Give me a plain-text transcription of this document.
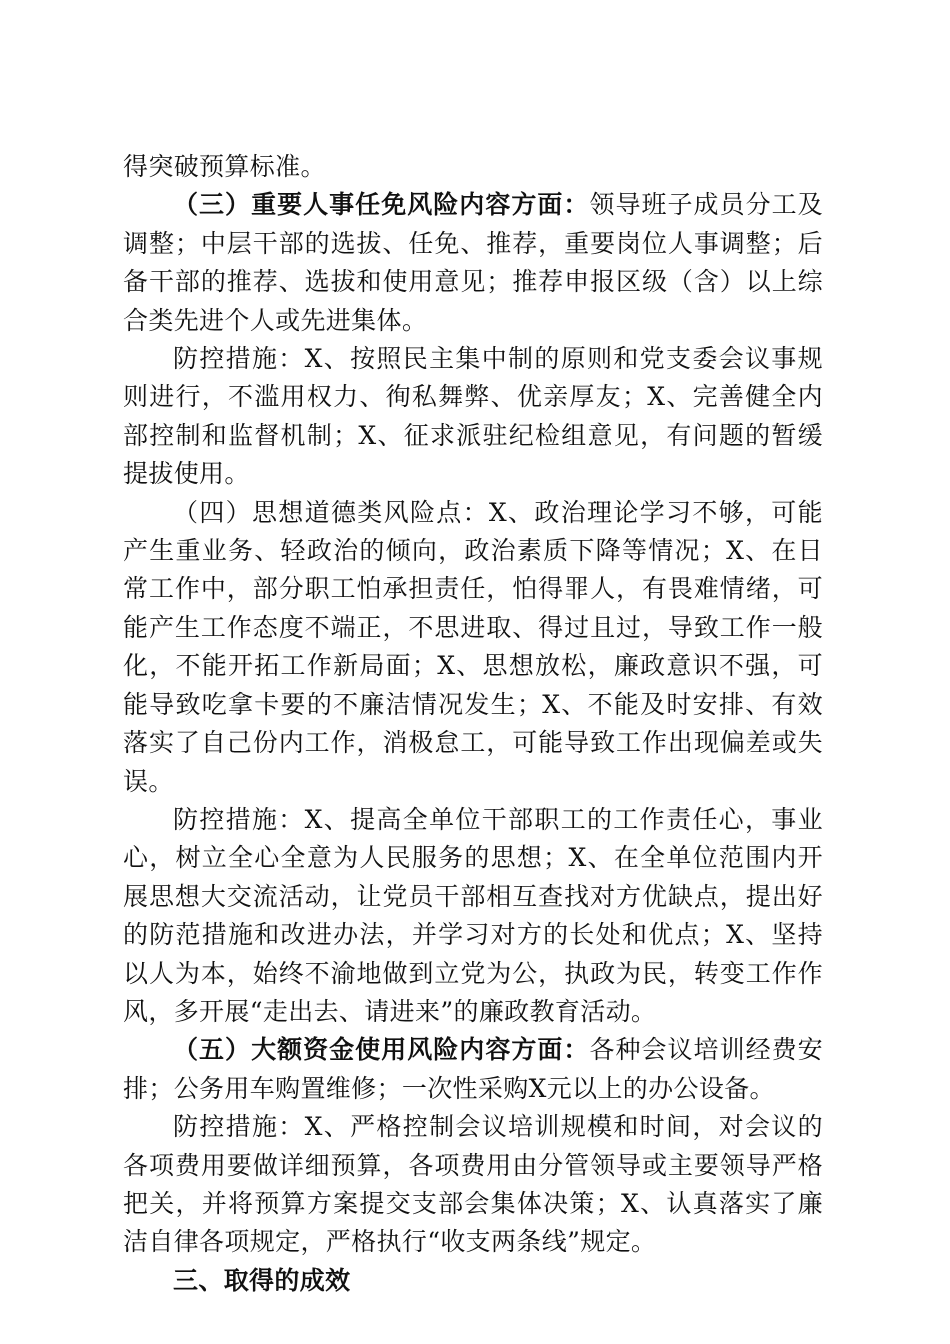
得突破预算标准。

（三）重要人事任免风险内容方面：领导班子成员分工及调整；中层干部的选拔、任免、推荐，重要岗位人事调整；后备干部的推荐、选拔和使用意见；推荐申报区级（含）以上综合类先进个人或先进集体。

防控措施：X、按照民主集中制的原则和党支委会议事规则进行，不滥用权力、徇私舞弊、优亲厚友；X、完善健全内部控制和监督机制；X、征求派驻纪检组意见，有问题的暂缓提拔使用。

（四）思想道德类风险点：X、政治理论学习不够，可能产生重业务、轻政治的倾向，政治素质下降等情况；X、在日常工作中，部分职工怕承担责任，怕得罪人，有畏难情绪，可能产生工作态度不端正，不思进取、得过且过，导致工作一般化，不能开拓工作新局面；X、思想放松，廉政意识不强，可能导致吃拿卡要的不廉洁情况发生；X、不能及时安排、有效落实了自己份内工作，消极怠工，可能导致工作出现偏差或失误。

防控措施：X、提高全单位干部职工的工作责任心，事业心，树立全心全意为人民服务的思想；X、在全单位范围内开展思想大交流活动，让党员干部相互查找对方优缺点，提出好的防范措施和改进办法，并学习对方的长处和优点；X、坚持以人为本，始终不渝地做到立党为公，执政为民，转变工作作风，多开展“走出去、请进来”的廉政教育活动。

（五）大额资金使用风险内容方面：各种会议培训经费安排；公务用车购置维修；一次性采购X元以上的办公设备。

防控措施：X、严格控制会议培训规模和时间，对会议的各项费用要做详细预算，各项费用由分管领导或主要领导严格把关，并将预算方案提交支部会集体决策；X、认真落实了廉洁自律各项规定，严格执行“收支两条线”规定。

三、取得的成效
